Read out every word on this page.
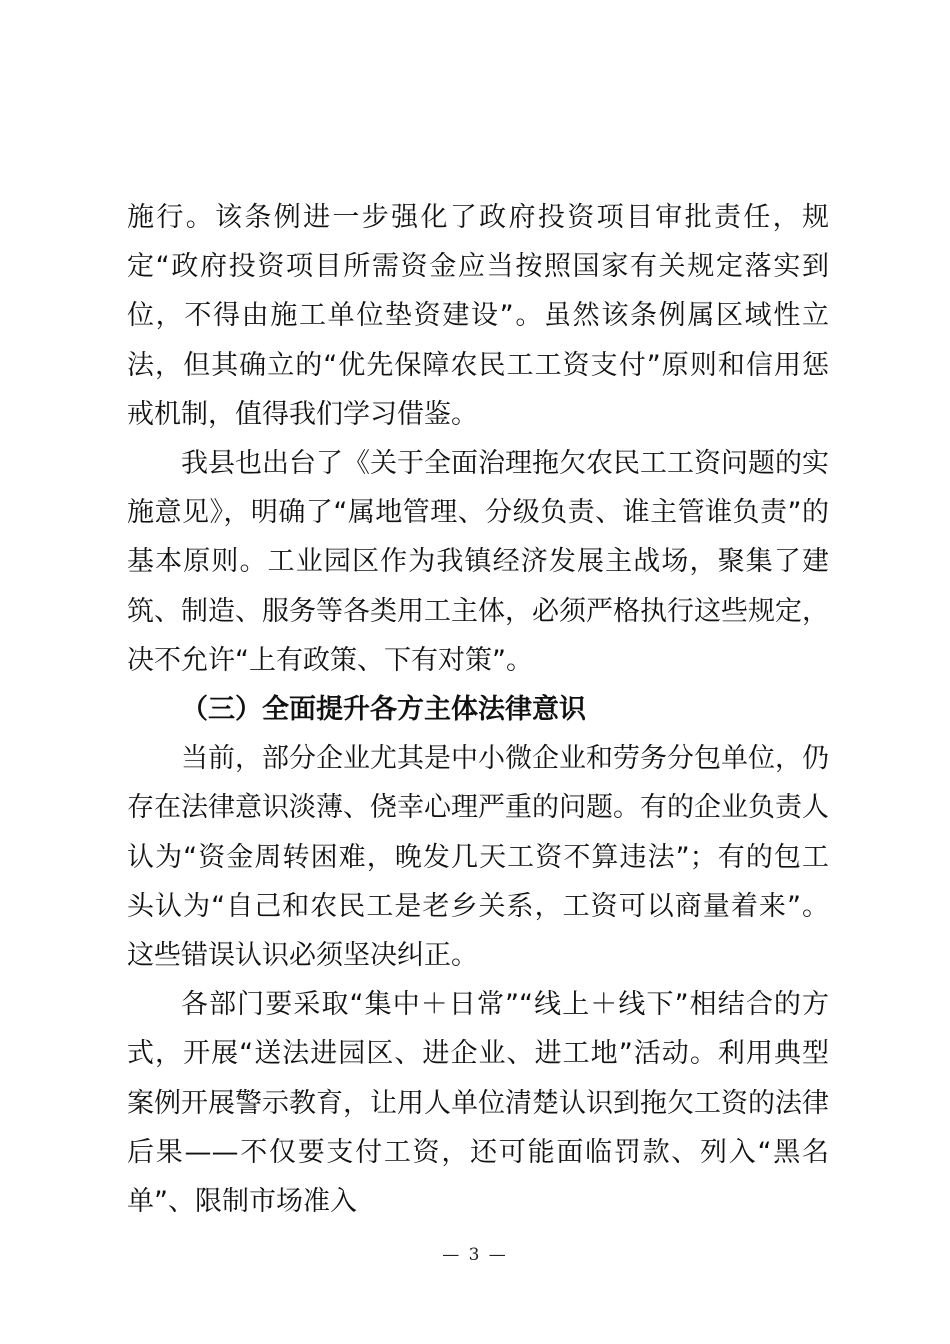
施行。该条例进一步强化了政府投资项目审批责任，规定“政府投资项目所需资金应当按照国家有关规定落实到位，不得由施工单位垫资建设”。虽然该条例属区域性立法，但其确立的“优先保障农民工工资支付”原则和信用惩戒机制，值得我们学习借鉴。

我县也出台了《关于全面治理拖欠农民工工资问题的实施意见》，明确了“属地管理、分级负责、谁主管谁负责”的基本原则。工业园区作为我镇经济发展主战场，聚集了建筑、制造、服务等各类用工主体，必须严格执行这些规定，决不允许“上有政策、下有对策”。

（三）全面提升各方主体法律意识

当前，部分企业尤其是中小微企业和劳务分包单位，仍存在法律意识淡薄、侥幸心理严重的问题。有的企业负责人认为“资金周转困难，晚发几天工资不算违法”；有的包工头认为“自己和农民工是老乡关系，工资可以商量着来”。这些错误认识必须坚决纠正。

各部门要采取“集中＋日常”“线上＋线下”相结合的方式，开展“送法进园区、进企业、进工地”活动。利用典型案例开展警示教育，让用人单位清楚认识到拖欠工资的法律后果——不仅要支付工资，还可能面临罚款、列入“黑名单”、限制市场准入

— 3 —
